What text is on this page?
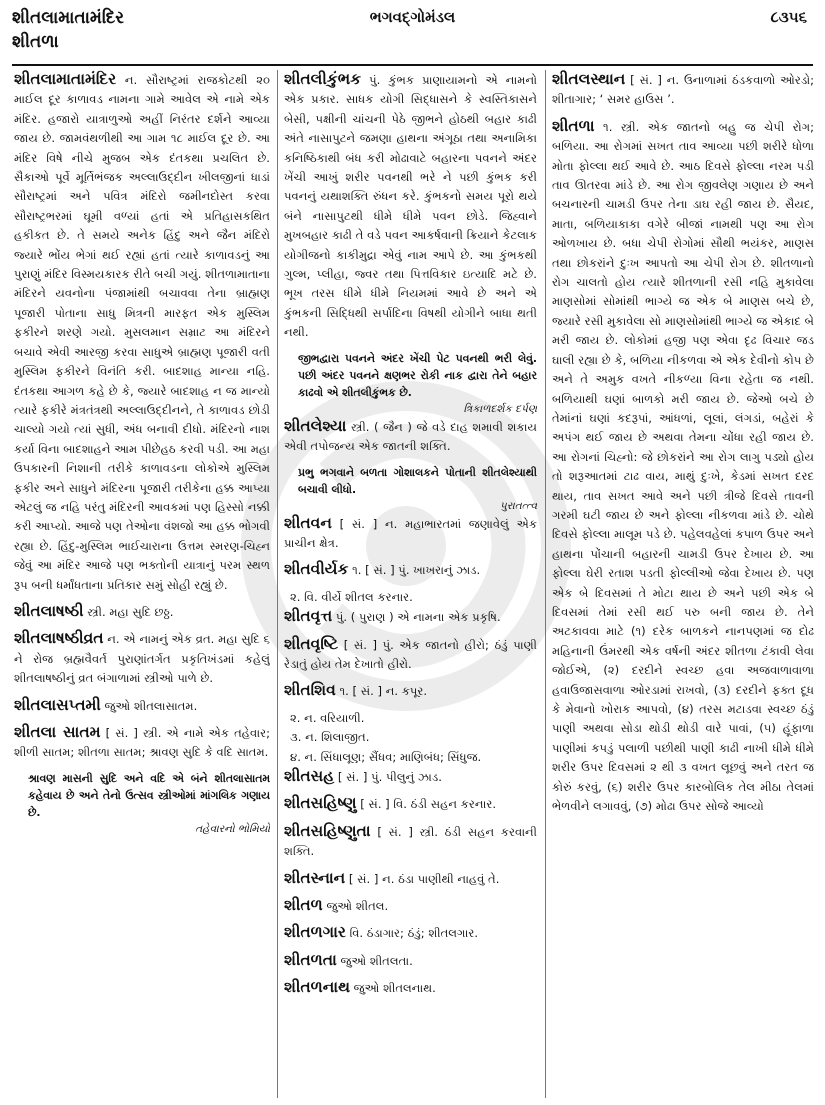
શીતલામાતામંદિર
શીતળા
ભગવદ્ગોમંડલ	૮૩૫૬
શીતલામાતામંદિર ન. સૌરાષ્ટ્રમાં રાજકોટથી ૨૦ માઈલ દૂર કાળાવડ નામના ગામે આવેલ એ નામે એક મંદિર. હજારો યાત્રાળુઓ અહીં નિરંતર દર્શને આવ્યા જાય છે. જામવંથળીથી આ ગામ ૧૮ માઈલ દૂર છે. આ મંદિર વિષે નીચે મુજબ એક દંતકથા પ્રચલિત છે. સૈકાઓ પૂર્વે મૂર્તિભંજક અલ્લાઉદ્દીન ખીલજીનાં ધાડાં સૌરાષ્ટ્રમાં અને પવિત્ર મંદિરો જમીનદોસ્ત કરવા સૌરાષ્ટ્રભરમાં ઘૂમી વળ્યાં હતાં એ પ્રતિહાસકથિત હકીકત છે. તે સમયે અનેક હિંદુ અને જૈન મંદિરો જ્યારે ભોંય ભેગાં થઈ રહ્યાં હતાં ત્યારે કાળાવડનું આ પુરાણું મંદિર વિસ્મયકારક રીતે બચી ગયું. શીતળામાતાના મંદિરને યવનોના પંજામાંથી બચાવવા તેના બ્રાહ્મણ પૂજારી પોતાના સાધુ મિત્રની મારફત એક મુસ્લિમ ફકીરને શરણે ગયો. મુસલમાન સમ્રાટ આ મંદિરને બચાવે એવી આરજી કરવા સાધુએ બ્રાહ્મણ પૂજારી વતી મુસ્લિમ ફકીરને વિનંતિ કરી. બાદશાહ માન્યા નહિ. દંતકથા આગળ કહે છે કે, જ્યારે બાદશાહ ન જ માન્યો ત્યારે ફકીરે મંત્રતંત્રથી અલ્લાઉદ્દીનને, તે કાળાવડ છોડી ચાલ્યો ગયો ત્યાં સુધી, અંધ બનાવી દીધો. મંદિરનો નાશ કર્યા વિના બાદશાહને આમ પીછેહઠ કરવી પડી. આ મહા ઉપકારની નિશાની તરીકે કાળાવડના લોકોએ મુસ્લિમ ફકીર અને સાધુને મંદિરના પૂજારી તરીકેના હક્ક આપ્યા એટલું જ નહિ પરંતુ મંદિરની આવકમાં પણ હિસ્સો નક્કી કરી આપ્યો. આજે પણ તેઓના વંશજો આ હક્ક ભોગવી રહ્યા છે. હિંદુ-મુસ્લિમ ભાઈચારાના ઉત્તમ સ્મરણ-ચિહ્ન જેવું આ મંદિર આજે પણ ભક્તોની યાત્રાનું પરમ સ્થળ રૂપ બની ધર્માંધતાના પ્રતિકાર સમું સોહી રહ્યું છે.
શીતલાષષ્ઠી સ્ત્રી. મહા સુદિ છઠ્ઠ.
શીતલાષષ્ઠીવ્રત ન. એ નામનું એક વ્રત. મહા સુદિ ૬ ને રોજ બ્રહ્મવૈવર્ત પુરાણાંતર્ગત પ્રકૃતિખંડમાં કહેલું શીતલાષષ્ઠીનું વ્રત બંગાળામાં સ્ત્રીઓ પાળે છે.
શીતલાસપ્તમી જુઓ શીતલાસાતમ.
શીતલા સાતમ [ સં. ] સ્ત્રી. એ નામે એક તહેવાર; શીળી સાતમ; શીતળા સાતમ; શ્રાવણ સુદિ કે વદિ સાતમ.
શ્રાવણ માસની સુદિ અને વદિ એ બંને શીતલાસાતમ કહેવાય છે અને તેનો ઉત્સવ સ્ત્રીઓમાં માંગલિક ગણાય છે.
તહેવારનો ભોમિયો
શીતલીકુંભક પું. કુંભક પ્રાણાયામનો એ નામનો એક પ્રકાર. સાધક યોગી સિદ્ધાસને કે સ્વસ્તિકાસને બેસી, પક્ષીની ચાંચની પેઠે જીભને હોઠથી બહાર કાઢી અંતે નાસાપુટને જમણા હાથના અંગૂઠા તથા અનામિકા કનિષ્ઠિકાથી બંધ કરી મોઢાવાટે બહારના પવનને અંદર ખેંચી આખું શરીર પવનથી ભરે ને પછી કુંભક કરી પવનનું યથાશક્તિ રુંધન કરે. કુંભકનો સમય પૂરો થયે બંને નાસાપુટથી ધીમે ધીમે પવન છોડે. જિહ્વાને મુખબહાર કાઢી તે વડે પવન આકર્ષવાની ક્રિયાને કેટલાક યોગીજનો કાકીમુદ્રા એવું નામ આપે છે. આ કુંભકથી ગુલ્મ, પ્લીહા, જ્વર તથા પિત્તવિકાર ઇત્યાદિ મટે છે. ભૂખ તરસ ધીમે ધીમે નિયમમાં આવે છે અને એ કુંભકની સિદ્ધિથી સર્પાદિના વિષથી યોગીને બાધા થતી નથી.
જીભદ્વારા પવનને અંદર ખેંચી પેટ પવનથી ભરી લેવું. પછી અંદર પવનને ક્ષણભર રોકી નાક દ્વારા તેને બહાર કાઢવો એ શીતલીકુંભક છે.
ત્રિકાળદર્શક દર્પણ
શીતલેશ્યા સ્ત્રી. ( જૈન ) જે વડે દાહ શમાવી શકાય એવી તપોજન્ય એક જાતની શક્તિ.
પ્રભુ ભગવાને બળતા ગોશાલકને પોતાની શીતલેશ્યાથી બચાવી લીધો.
પુરાતત્ત્વ
શીતવન [ સં. ] ન. મહાભારતમાં જણાવેલું એક પ્રાચીન ક્ષેત્ર.
શીતવીર્યક ૧. [ સં. ] પું. ખાખરાનું ઝાડ.
૨. વિ. વીર્યે શીતલ કરનાર.
શીતવૃત્ત પું. ( પુરાણ ) એ નામના એક પ્રકૃષિ.
શીતવૃષ્ટિ [ સં. ] પું. એક જાતનો હીરો; ઠંડું પાણી રેડાતું હોય તેમ દેખાતો હીરો.
શીતશિવ ૧. [ સં. ] ન. કપૂર.
૨. ન. વરિયાળી.
૩. ન. શિલાજીત.
૪. ન. સિંધાલૂણ; સૈંધવ; માણિબંધ; સિંધુજ.
શીતસહ [ સં. ] પું. પીલુનું ઝાડ.
શીતસહિષ્ણુ [ સં. ] વિ. ઠંડી સહન કરનાર.
શીતસહિષ્ણુતા [ સં. ] સ્ત્રી. ઠંડી સહન કરવાની શક્તિ.
શીતસ્નાન [ સં. ] ન. ઠંડા પાણીથી નાહવું તે.
શીતળ જુઓ શીતલ.
શીતળગાર વિ. ઠંડાગાર; ઠંડું; શીતલગાર.
શીતળતા જુઓ શીતલતા.
શીતળનાથ જુઓ શીતલનાથ.
શીતલસ્થાન [ સં. ] ન. ઉનાળામાં ઠંડકવાળો ઓરડો; શીતાગાર; ‘ સમર હાઉસ ’.
શીતળા ૧. સ્ત્રી. એક જાતનો બહુ જ ચેપી રોગ; બળિયા. આ રોગમાં સખત તાવ આવ્યા પછી શરીરે ધોળા મોતા ફોલ્લા થઈ આવે છે. આઠ દિવસે ફોલ્લા નરમ પડી તાવ ઊતરવા માંડે છે. આ રોગ જીવલેણ ગણાય છે અને બચનારની ચામડી ઉપર તેના ડાઘ રહી જાય છે. સૈયદ, માતા, બળિયાકાકા વગેરે બીજાં નામથી પણ આ રોગ ઓળખાય છે. બધા ચેપી રોગોમાં સૌથી ભયંકર, માણસ તથા છોકરાંને દુઃખ આપતો આ ચેપી રોગ છે. શીતળાનો રોગ ચાલતો હોય ત્યારે શીતળાની રસી નહિ મુકાવેલા માણસોમાં સોમાંથી ભાગ્યે જ એક બે માણસ બચે છે, જ્યારે રસી મુકાવેલા સો માણસોમાંથી ભાગ્યે જ એકાદ બે મરી જાય છે. લોકોમાં હજી પણ એવા દૃઢ વિચાર જડ ઘાલી રહ્યા છે કે, બળિયા નીકળવા એ એક દેવીનો કોપ છે અને તે અમુક વખતે નીકળ્યા વિના રહેતા જ નથી. બળિયાથી ઘણાં બાળકો મરી જાય છે. જેઓ બચે છે તેમાંનાં ઘણાં કદરૂપાં, આંધળાં, લૂલાં, લંગડાં, બહેરાં કે અપંગ થઈ જાય છે અથવા તેમના ચોંધા રહી જાય છે. આ રોગનાં ચિહ્નો: જે છોકરાંને આ રોગ લાગુ પડ્યો હોય તો શરૂઆતમાં ટાઢ વાય, માથું દુઃખે, કેડમાં સખત દરદ થાય, તાવ સખત આવે અને પછી ત્રીજે દિવસે તાવની ગરમી ઘટી જાય છે અને ફોલ્લા નીકળવા માંડે છે. ચોથે દિવસે ફોલ્લા માલૂમ પડે છે. પહેલવહેલાં કપાળ ઉપર અને હાથના પોંચાની બહારની ચામડી ઉપર દેખાય છે. આ ફોલ્લા ઘેરી રતાશ પડતી ફોલ્લીઓ જેવા દેખાય છે. પણ એક બે દિવસમાં તે મોટા થાય છે અને પછી એક બે દિવસમાં તેમાં રસી થઈ પરુ બની જાય છે. તેને અટકાવવા માટે (૧) દરેક બાળકને નાનપણમાં જ દોઢ મહિનાની ઉંમરથી એક વર્ષની અંદર શીતળા ટંકાવી લેવા જોઈએ, (૨) દરદીને સ્વચ્છ હવા અજવાળાવાળા હવાઉજાસવાળા ઓરડામાં રાખવો, (૩) દરદીને ફક્ત દૂધ કે મેવાનો ખોરાક આપવો, (૪) તરસ મટાડવા સ્વચ્છ ઠંડું પાણી અથવા સોડા થોડી થોડી વારે પાવાં, (૫) હૂંફાળા પાણીમાં કપડું પલાળી પછીથી પાણી કાઢી નાખી ધીમે ધીમે શરીર ઉપર દિવસમાં ૨ થી ૩ વખત લૂછવું અને તરત જ કોરું કરવું, (૬) શરીર ઉપર કારબોલિક તેલ મીઠા તેલમાં ભેળવીને લગાવવું, (૭) મોઢા ઉપર સોજે આવ્યો
